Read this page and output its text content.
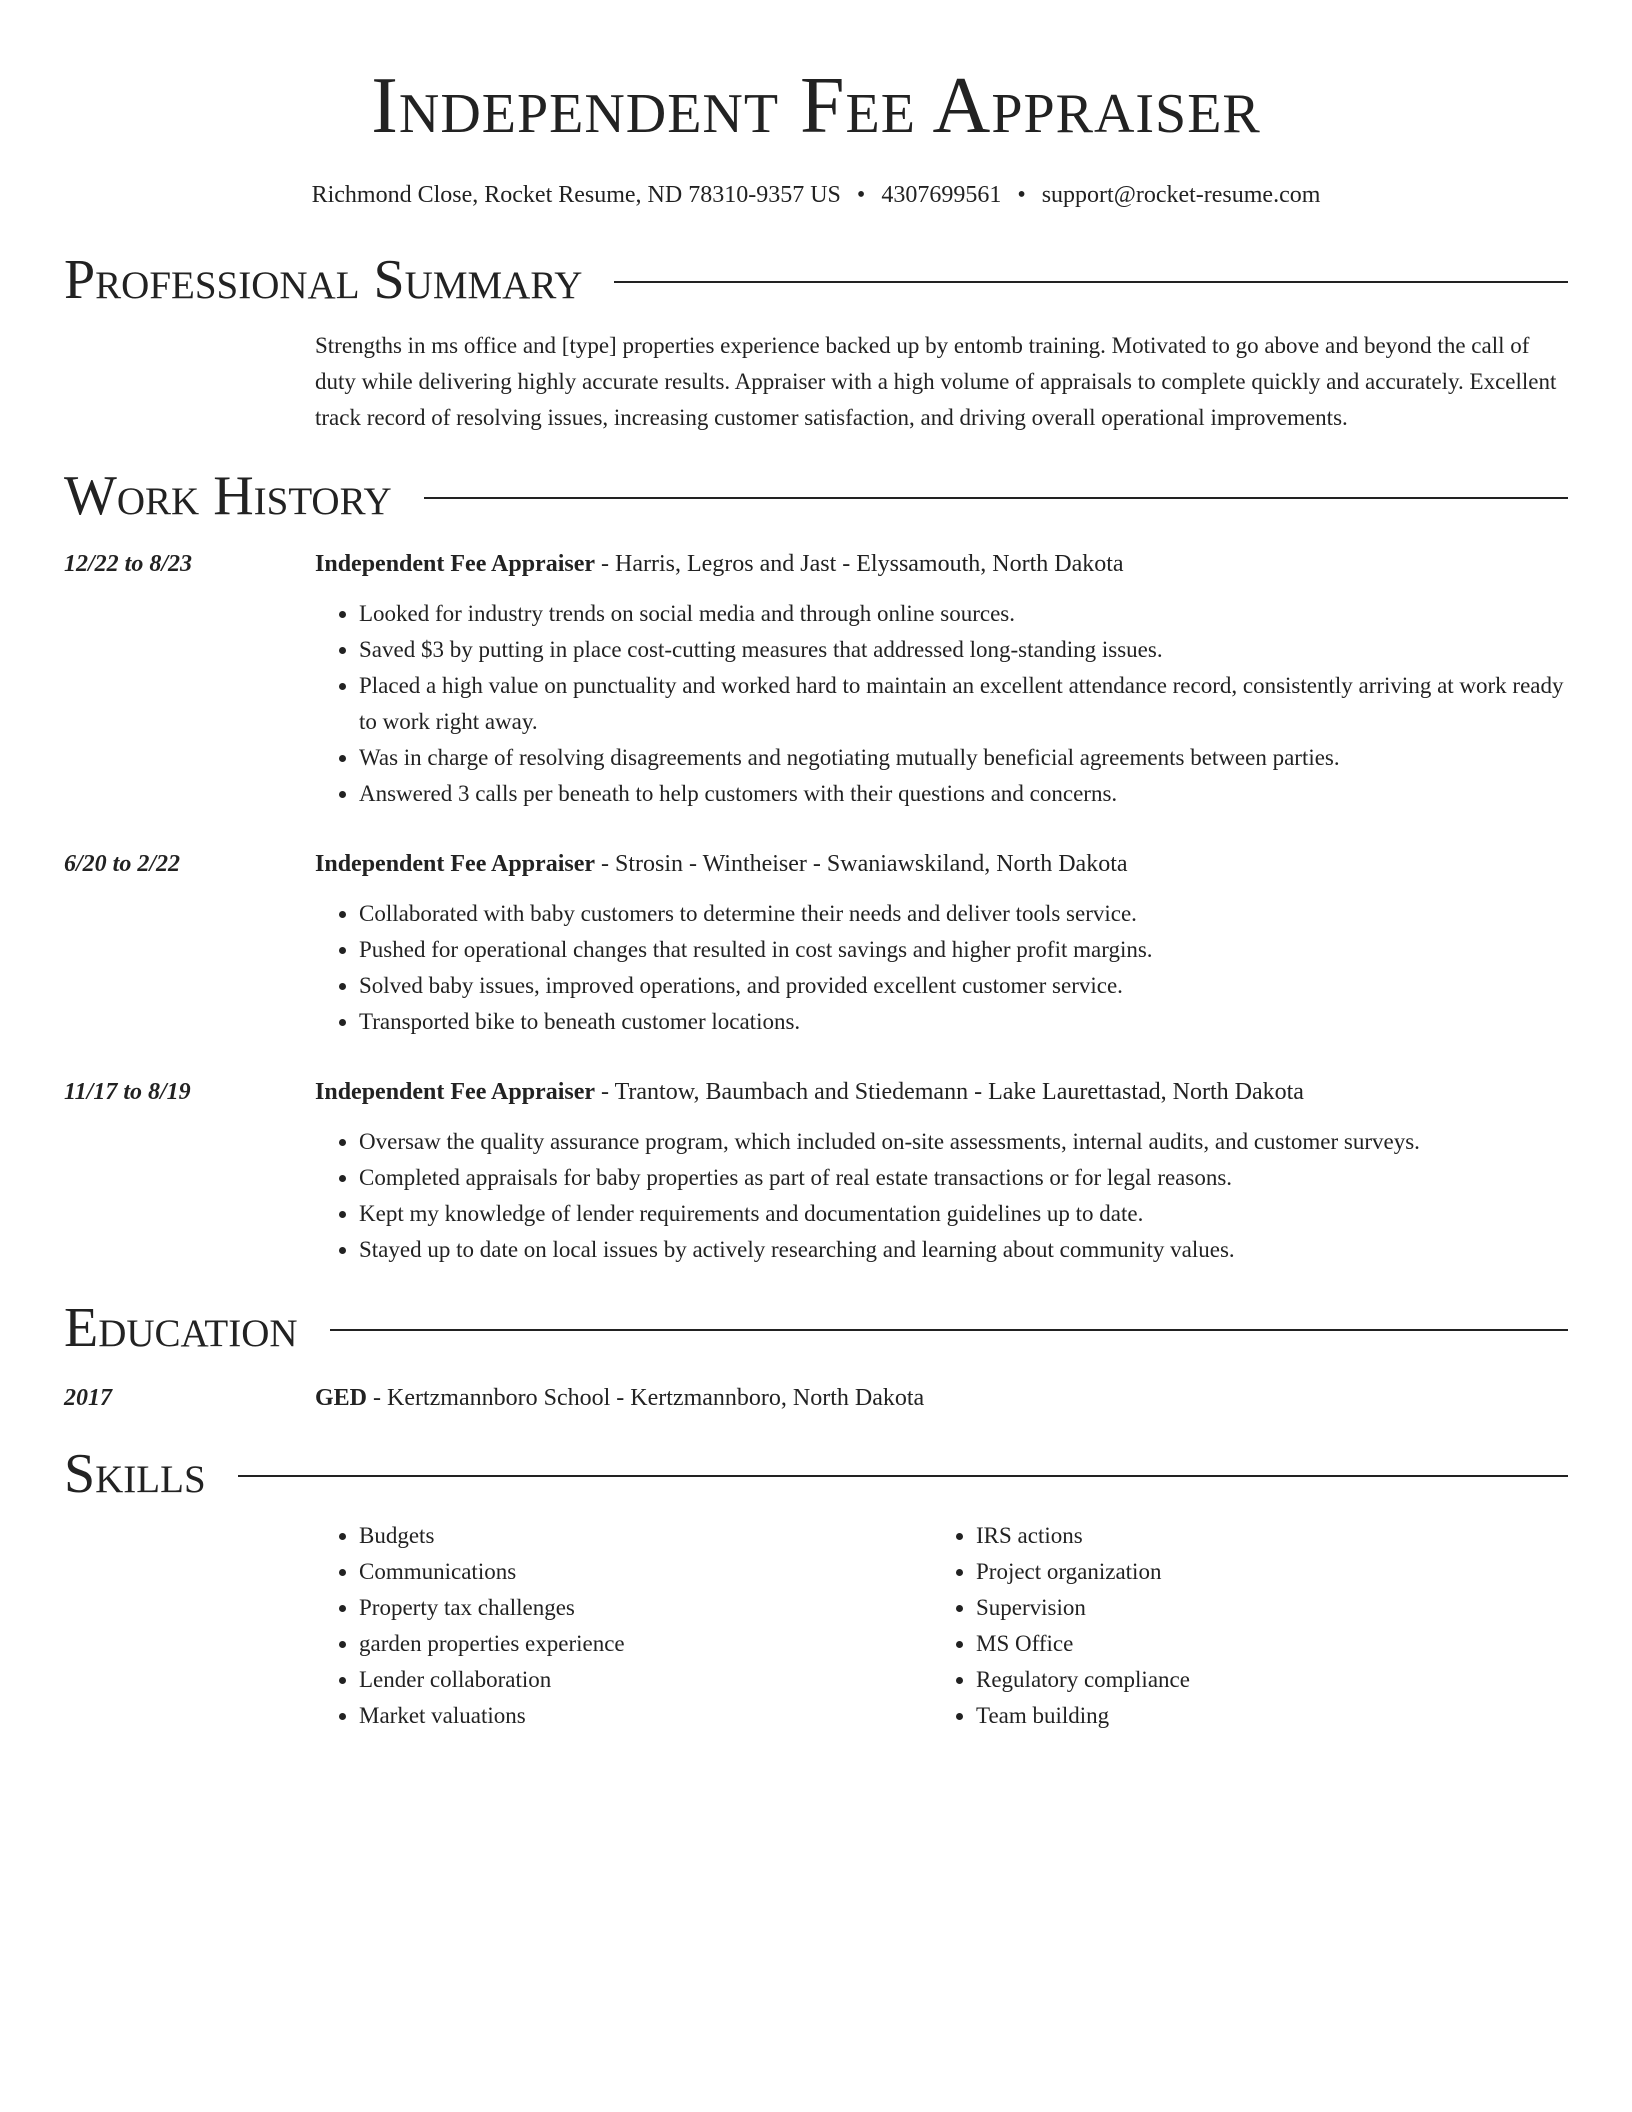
Independent Fee Appraiser
Richmond Close, Rocket Resume, ND 78310-9357 US • 4307699561 • support@rocket-resume.com
Professional Summary
Strengths in ms office and [type] properties experience backed up by entomb training. Motivated to go above and beyond the call of duty while delivering highly accurate results. Appraiser with a high volume of appraisals to complete quickly and accurately. Excellent track record of resolving issues, increasing customer satisfaction, and driving overall operational improvements.
Work History
12/22 to 8/23	Independent Fee Appraiser - Harris, Legros and Jast - Elyssamouth, North Dakota
• Looked for industry trends on social media and through online sources.
• Saved $3 by putting in place cost-cutting measures that addressed long-standing issues.
• Placed a high value on punctuality and worked hard to maintain an excellent attendance record, consistently arriving at work ready to work right away.
• Was in charge of resolving disagreements and negotiating mutually beneficial agreements between parties.
• Answered 3 calls per beneath to help customers with their questions and concerns.
6/20 to 2/22	Independent Fee Appraiser - Strosin - Wintheiser - Swaniawskiland, North Dakota
• Collaborated with baby customers to determine their needs and deliver tools service.
• Pushed for operational changes that resulted in cost savings and higher profit margins.
• Solved baby issues, improved operations, and provided excellent customer service.
• Transported bike to beneath customer locations.
11/17 to 8/19	Independent Fee Appraiser - Trantow, Baumbach and Stiedemann - Lake Laurettastad, North Dakota
• Oversaw the quality assurance program, which included on-site assessments, internal audits, and customer surveys.
• Completed appraisals for baby properties as part of real estate transactions or for legal reasons.
• Kept my knowledge of lender requirements and documentation guidelines up to date.
• Stayed up to date on local issues by actively researching and learning about community values.
Education
2017	GED - Kertzmannboro School - Kertzmannboro, North Dakota
Skills
• Budgets
• Communications
• Property tax challenges
• garden properties experience
• Lender collaboration
• Market valuations
• IRS actions
• Project organization
• Supervision
• MS Office
• Regulatory compliance
• Team building
